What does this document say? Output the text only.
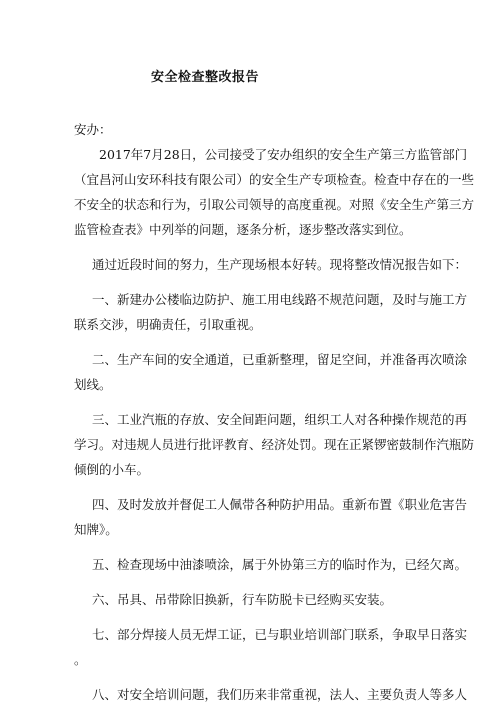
安全检查整改报告
安办：
2017年7月28日，公司接受了安办组织的安全生产第三方监管部门
（宜昌河山安环科技有限公司）的安全生产专项检查。检查中存在的一些
不安全的状态和行为，引取公司领导的高度重视。对照《安全生产第三方
监管检查表》中列举的问题，逐条分析，逐步整改落实到位。
通过近段时间的努力，生产现场根本好转。现将整改情况报告如下：
一、新建办公楼临边防护、施工用电线路不规范问题，及时与施工方
联系交涉，明确责任，引取重视。
二、生产车间的安全通道，已重新整理，留足空间，并准备再次喷涂
划线。
三、工业汽瓶的存放、安全间距问题，组织工人对各种操作规范的再
学习。对违规人员进行批评教育、经济处罚。现在正紧锣密鼓制作汽瓶防
倾倒的小车。
四、及时发放并督促工人佩带各种防护用品。重新布置《职业危害告
知牌》。
五、检查现场中油漆喷涂，属于外协第三方的临时作为，已经欠离。
六、吊具、吊带除旧换新，行车防脱卡已经购买安装。
七、部分焊接人员无焊工证，已与职业培训部门联系，争取早日落实
。
八、对安全培训问题，我们历来非常重视，法人、主要负责人等多人
